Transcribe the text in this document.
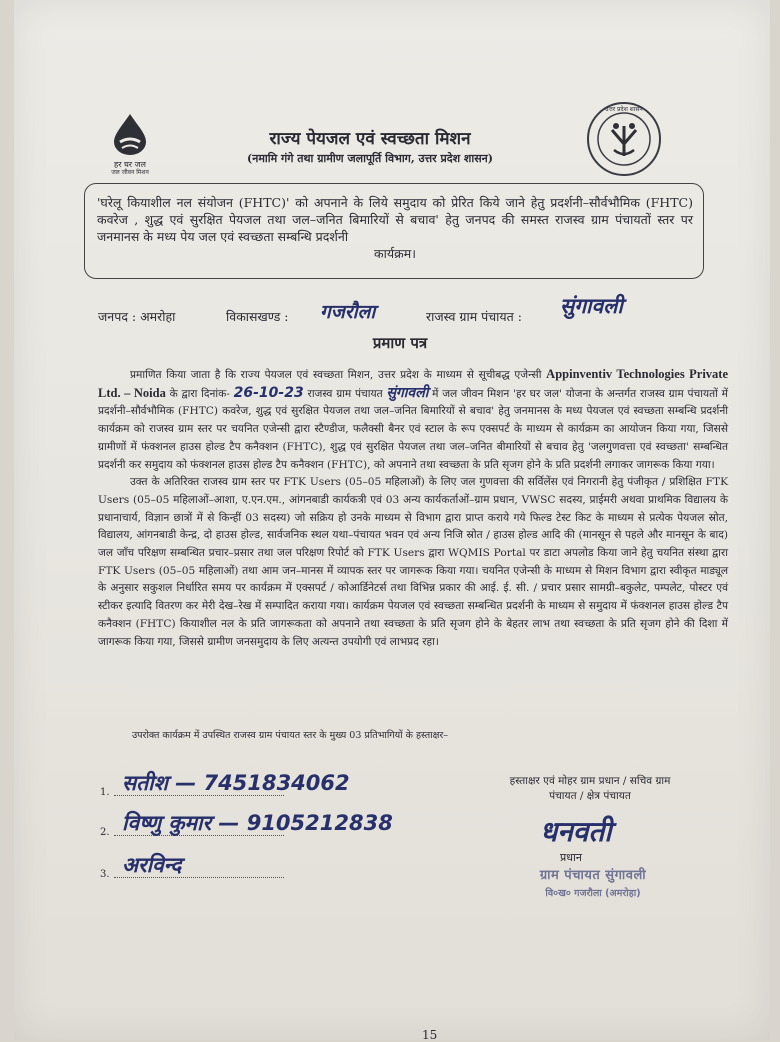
हर घर जल
जल जीवन मिशन
राज्य पेयजल एवं स्वच्छता मिशन
(नमामि गंगे तथा ग्रामीण जलापूर्ति विभाग, उत्तर प्रदेश शासन)
उत्तर प्रदेश शासन
'घरेलू कियाशील नल संयोजन (FHTC)' को अपनाने के लिये समुदाय को प्रेरित किये जाने हेतु प्रदर्शनी–सौर्वभौमिक (FHTC) कवरेज , शुद्ध एवं सुरक्षित पेयजल तथा जल–जनित बिमारियों से बचाव' हेतु जनपद की समस्त राजस्व ग्राम पंचायतों स्तर पर जनमानस के मध्य पेय जल एवं स्वच्छता सम्बन्धि प्रदर्शनी
कार्यक्रम।
जनपद : अमरोहा	विकासखण्ड : गजरौला	राजस्व ग्राम पंचायत : सुंगावली
प्रमाण पत्र

प्रमाणित किया जाता है कि राज्य पेयजल एवं स्वच्छता मिशन, उत्तर प्रदेश के माध्यम से सूचीबद्ध एजेन्सी Appinventiv Technologies Private Ltd. – Noida के द्वारा दिनांक- 26-10-23 राजस्व ग्राम पंचायत सुंगावली में जल जीवन मिशन 'हर घर जल' योजना के अन्तर्गत राजस्व ग्राम पंचायतों में प्रदर्शनी–सौर्वभौमिक (FHTC) कवरेज, शुद्ध एवं सुरक्षित पेयजल तथा जल–जनित बिमारियों से बचाव' हेतु जनमानस के मध्य पेयजल एवं स्वच्छता सम्बन्धि प्रदर्शनी कार्यक्रम को राजस्व ग्राम स्तर पर चयनित एजेन्सी द्वारा स्टैण्डीज, फलैक्सी बैनर एवं स्टाल के रूप एक्सपर्ट के माध्यम से कार्यक्रम का आयोजन किया गया, जिससे ग्रामीणों में फंक्शनल हाउस होल्ड टैप कनैक्शन (FHTC), शुद्ध एवं सुरक्षित पेयजल तथा जल–जनित बीमारियों से बचाव हेतु 'जलगुणवत्ता एवं स्वच्छता' सम्बन्धित प्रदर्शनी कर समुदाय को फंक्शनल हाउस होल्ड टैप कनैक्शन (FHTC), को अपनाने तथा स्वच्छता के प्रति सृजग होने के प्रति प्रदर्शनी लगाकर जागरूक किया गया।

उक्त के अतिरिक्त राजस्व ग्राम स्तर पर FTK Users (05–05 महिलाओं) के लिए जल गुणवत्ता की सर्विलेंस एवं निगरानी हेतु पंजीकृत / प्रशिक्षित FTK Users (05–05 महिलाओं–आशा, ए.एन.एम., आंगनबाडी कार्यकत्री एवं 03 अन्य कार्यकर्ताओं–ग्राम प्रधान, VWSC सदस्य, प्राईमरी अथवा प्राथमिक विद्यालय के प्रधानाचार्य, विज्ञान छात्रों में से किन्हीं 03 सदस्य) जो सक्रिय हो उनके माध्यम से विभाग द्वारा प्राप्त कराये गये फिल्ड टेस्ट किट के माध्यम से प्रत्येक पेयजल स्रोत, विद्यालय, आंगनबाडी केन्द्र, दो हाउस होल्ड, सार्वजनिक स्थल यथा–पंचायत भवन एवं अन्य निजि स्रोत / हाउस होल्ड आदि की (मानसून से पहले और मानसून के बाद) जल जाँच परिक्षण सम्बन्धित प्रचार–प्रसार तथा जल परिक्षण रिपोर्ट को FTK Users द्वारा WQMIS Portal पर डाटा अपलोड किया जाने हेतु चयनित संस्था द्वारा FTK Users (05–05 महिलाओं) तथा आम जन–मानस में व्यापक स्तर पर जागरूक किया गया। चयनित एजेन्सी के माध्यम से मिशन विभाग द्वारा स्वीकृत माड्यूल के अनुसार सकुशल निर्धारित समय पर कार्यक्रम में एक्सपर्ट / कोआर्डिनेटर्स तथा विभिन्न प्रकार की आई. ई. सी. / प्रचार प्रसार सामग्री–बकुलेट, पम्पलेट, पोस्टर एवं स्टीकर इत्यादि वितरण कर मेरी देख–रेख में सम्पादित कराया गया। कार्यक्रम पेयजल एवं स्वच्छता सम्बन्धित प्रदर्शनी के माध्यम से समुदाय में फंक्शनल हाउस होल्ड टैप कनैक्शन (FHTC) कियाशील नल के प्रति जागरूकता को अपनाने तथा स्वच्छता के प्रति सृजग होने के बेहतर लाभ तथा स्वच्छता के प्रति सृजग होने की दिशा में जागरूक किया गया, जिससे ग्रामीण जनसमुदाय के लिए अत्यन्त उपयोगी एवं लाभप्रद रहा।

उपरोक्त कार्यक्रम में उपस्थित राजस्व ग्राम पंचायत स्तर के मुख्य 03 प्रतिभागियों के हस्ताक्षर–
1. सतीश — 7451834062
2. विष्णु कुमार — 9105212838
3. अरविन्द
हस्ताक्षर एवं मोहर ग्राम प्रधान / सचिव ग्राम पंचायत / क्षेत्र पंचायत
धनवती
प्रधान
ग्राम पंचायत सुंगावली
वि०ख० गजरौला (अमरोहा)
15
